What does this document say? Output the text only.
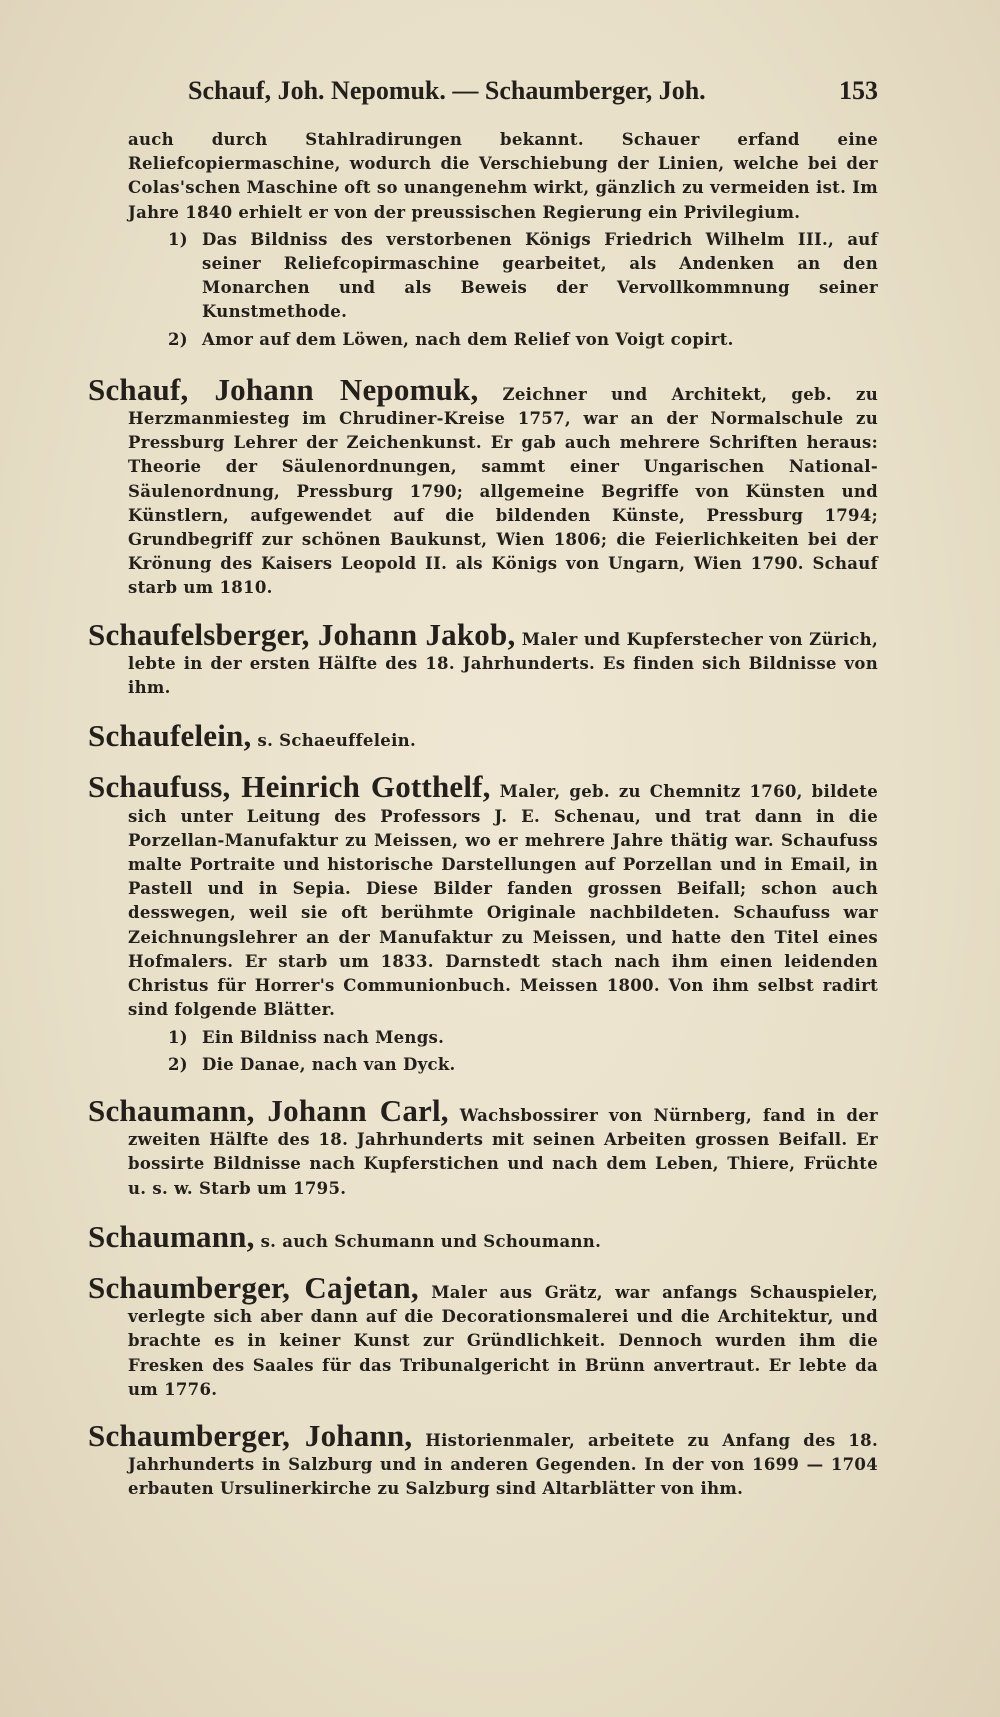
Schauf, Joh. Nepomuk. — Schaumberger, Joh.	153

auch durch Stahlradirungen bekannt. Schauer erfand eine Reliefcopiermaschine, wodurch die Verschiebung der Linien, welche bei der Colas'schen Maschine oft so unangenehm wirkt, gänzlich zu vermeiden ist. Im Jahre 1840 erhielt er von der preussischen Regierung ein Privilegium.

1) Das Bildniss des verstorbenen Königs Friedrich Wilhelm III., auf seiner Reliefcopirmaschine gearbeitet, als Andenken an den Monarchen und als Beweis der Vervollkommnung seiner Kunstmethode.
2) Amor auf dem Löwen, nach dem Relief von Voigt copirt.
Schauf, Johann Nepomuk, Zeichner und Architekt, geb. zu Herzmanmiesteg im Chrudiner-Kreise 1757, war an der Normalschule zu Pressburg Lehrer der Zeichenkunst. Er gab auch mehrere Schriften heraus: Theorie der Säulenordnungen, sammt einer Ungarischen National-Säulenordnung, Pressburg 1790; allgemeine Begriffe von Künsten und Künstlern, aufgewendet auf die bildenden Künste, Pressburg 1794; Grundbegriff zur schönen Baukunst, Wien 1806; die Feierlichkeiten bei der Krönung des Kaisers Leopold II. als Königs von Ungarn, Wien 1790. Schauf starb um 1810.
Schaufelsberger, Johann Jakob, Maler und Kupferstecher von Zürich, lebte in der ersten Hälfte des 18. Jahrhunderts. Es finden sich Bildnisse von ihm.
Schaufelein, s. Schaeuffelein.
Schaufuss, Heinrich Gotthelf, Maler, geb. zu Chemnitz 1760, bildete sich unter Leitung des Professors J. E. Schenau, und trat dann in die Porzellan-Manufaktur zu Meissen, wo er mehrere Jahre thätig war. Schaufuss malte Portraite und historische Darstellungen auf Porzellan und in Email, in Pastell und in Sepia. Diese Bilder fanden grossen Beifall; schon auch desswegen, weil sie oft berühmte Originale nachbildeten. Schaufuss war Zeichnungslehrer an der Manufaktur zu Meissen, und hatte den Titel eines Hofmalers. Er starb um 1833. Darnstedt stach nach ihm einen leidenden Christus für Horrer's Communionbuch. Meissen 1800. Von ihm selbst radirt sind folgende Blätter.
1) Ein Bildniss nach Mengs.
2) Die Danae, nach van Dyck.
Schaumann, Johann Carl, Wachsbossirer von Nürnberg, fand in der zweiten Hälfte des 18. Jahrhunderts mit seinen Arbeiten grossen Beifall. Er bossirte Bildnisse nach Kupferstichen und nach dem Leben, Thiere, Früchte u. s. w. Starb um 1795.
Schaumann, s. auch Schumann und Schoumann.
Schaumberger, Cajetan, Maler aus Grätz, war anfangs Schauspieler, verlegte sich aber dann auf die Decorationsmalerei und die Architektur, und brachte es in keiner Kunst zur Gründlichkeit. Dennoch wurden ihm die Fresken des Saales für das Tribunalgericht in Brünn anvertraut. Er lebte da um 1776.
Schaumberger, Johann, Historienmaler, arbeitete zu Anfang des 18. Jahrhunderts in Salzburg und in anderen Gegenden. In der von 1699 — 1704 erbauten Ursulinerkirche zu Salzburg sind Altarblätter von ihm.
